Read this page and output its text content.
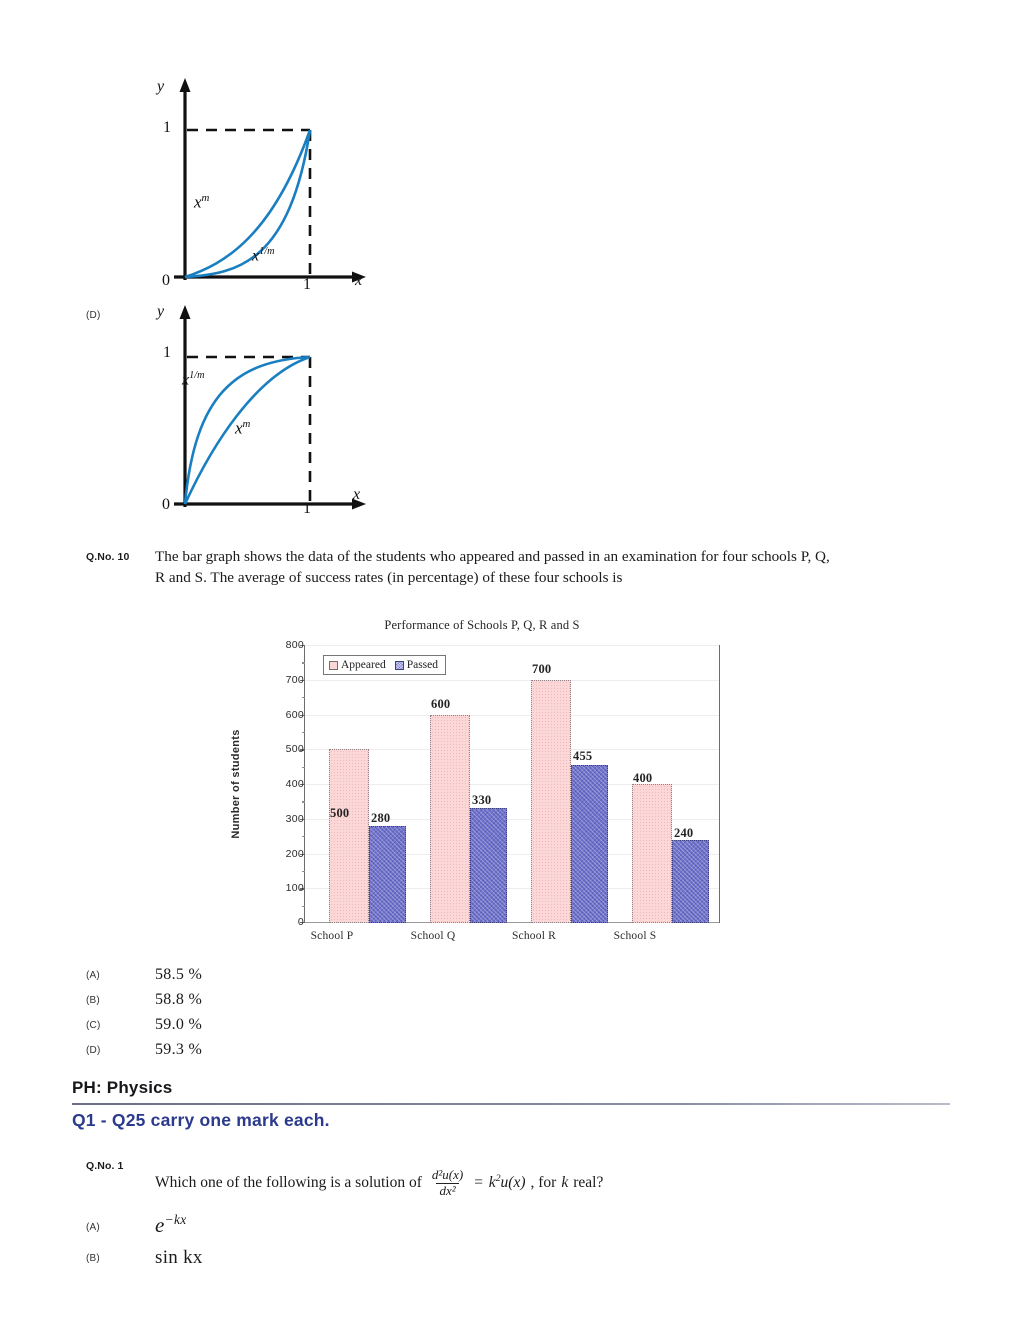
$x^m$
$x^{1/m}$
y
x
1
1
0
(D)
$x^{1/m}$
$x^m$
y
x
1
1
0
Q.No. 10 The bar graph shows the data of the students who appeared and passed in an examination for four schools P, Q, R and S. The average of success rates (in percentage) of these four schools is
Performance of Schools P, Q, R and S
Number of students	500 280
600
330
700
455
400
240
Appeared Passed
800
700
600
500
400
300
200
100
0
School P	School Q	School R	School S
(A)	58.5 %
(B)	58.8 %
(C)	59.0 %
(D)	59.3 %
PH: Physics
Q1 - Q25 carry one mark each.
Q.No. 1
Which one of the following is a solution of $\frac{\text{d²u(x)}}{\text{dx²}} = k^2u(x)$ , for k real?
(A)	$e^{-kx}$
(B)	sin kx
